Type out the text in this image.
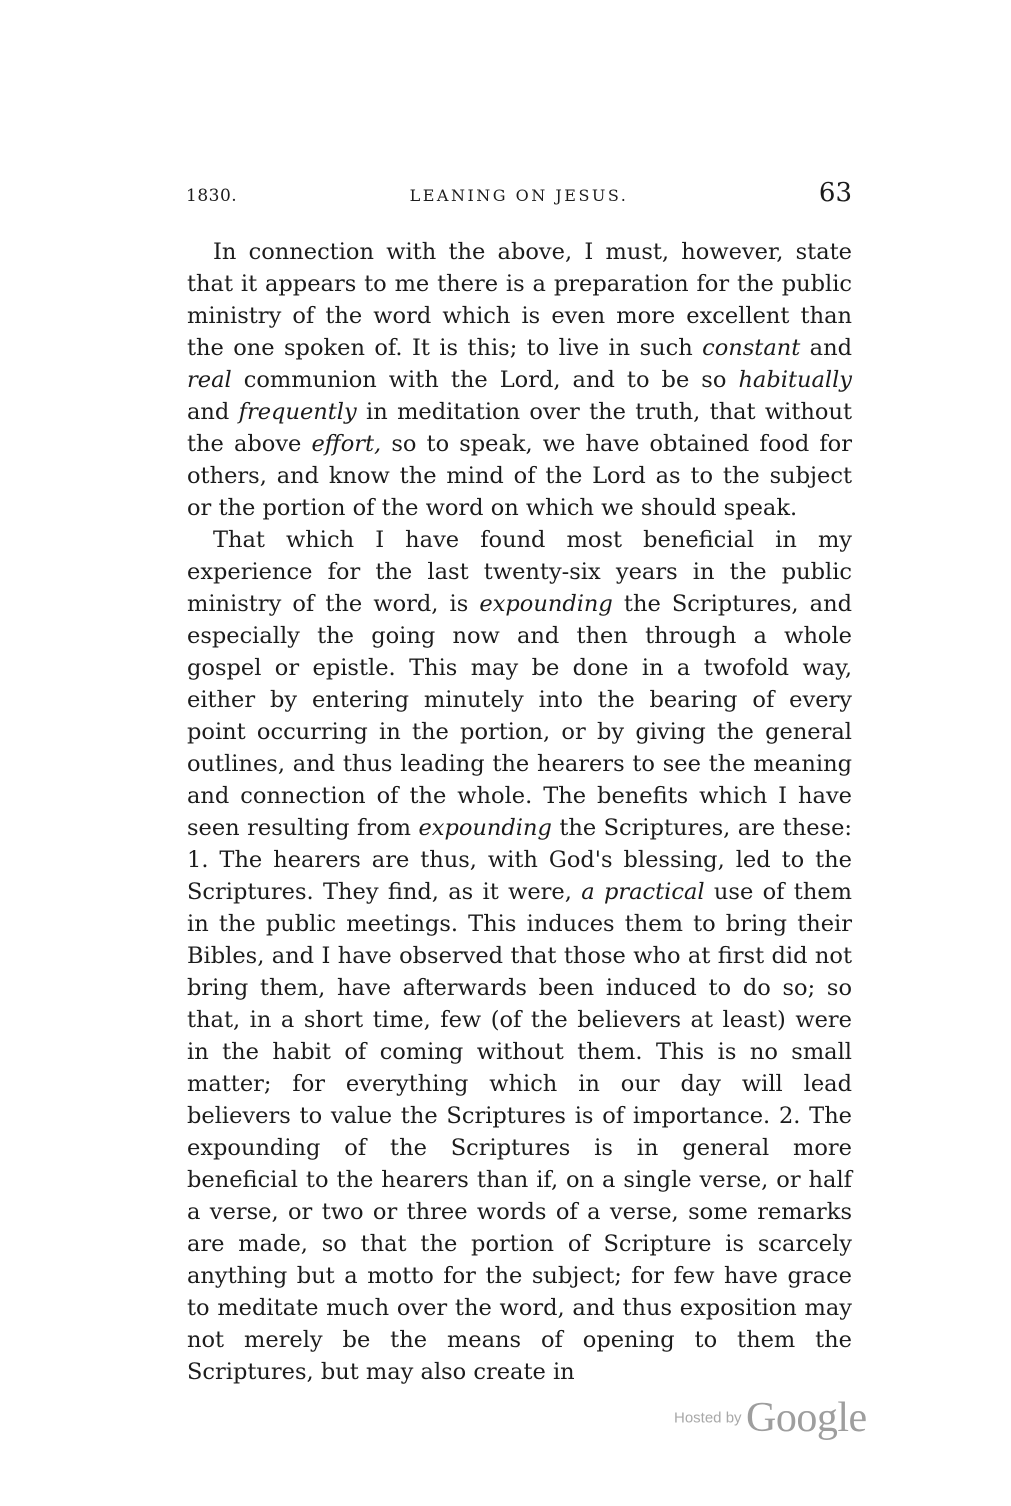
1830.	LEANING ON JESUS.	63

In connection with the above, I must, however, state that it appears to me there is a preparation for the public ministry of the word which is even more excellent than the one spoken of. It is this; to live in such constant and real communion with the Lord, and to be so habitually and frequently in meditation over the truth, that without the above effort, so to speak, we have obtained food for others, and know the mind of the Lord as to the subject or the portion of the word on which we should speak.

That which I have found most beneficial in my experience for the last twenty-six years in the public ministry of the word, is expounding the Scriptures, and especially the going now and then through a whole gospel or epistle. This may be done in a twofold way, either by entering minutely into the bearing of every point occurring in the portion, or by giving the general outlines, and thus leading the hearers to see the meaning and connection of the whole. The benefits which I have seen resulting from expounding the Scriptures, are these: 1. The hearers are thus, with God's blessing, led to the Scriptures. They find, as it were, a practical use of them in the public meetings. This induces them to bring their Bibles, and I have observed that those who at first did not bring them, have afterwards been induced to do so; so that, in a short time, few (of the believers at least) were in the habit of coming without them. This is no small matter; for everything which in our day will lead believers to value the Scriptures is of importance. 2. The expounding of the Scriptures is in general more beneficial to the hearers than if, on a single verse, or half a verse, or two or three words of a verse, some remarks are made, so that the portion of Scripture is scarcely anything but a motto for the subject; for few have grace to meditate much over the word, and thus exposition may not merely be the means of opening to them the Scriptures, but may also create in

Hosted by Google
